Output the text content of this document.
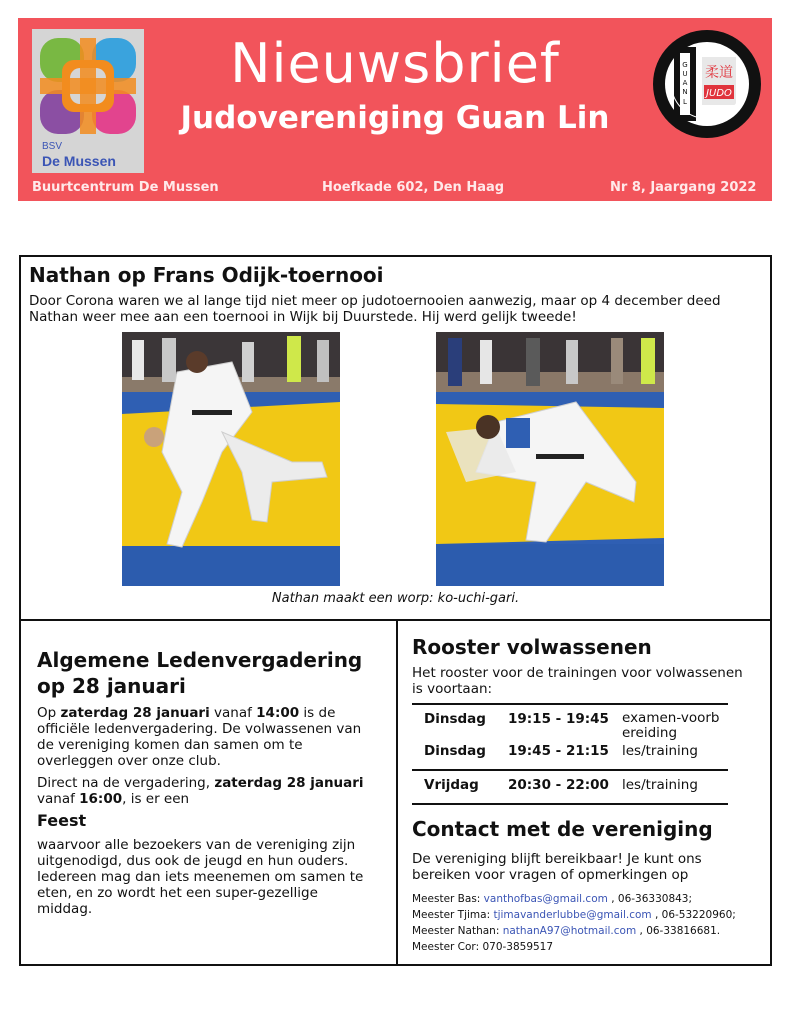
BSV
De Mussen
Nieuwsbrief
Judovereniging Guan Lin
G
U
A
N
L
柔道
JUDO
Buurtcentrum De Mussen	Hoefkade 602, Den Haag	Nr 8, Jaargang 2022
Nathan op Frans Odijk-toernooi

Door Corona waren we al lange tijd niet meer op judotoernooien aanwezig, maar op 4 december deed Nathan weer mee aan een toernooi in Wijk bij Duurstede. Hij werd gelijk tweede!

Nathan maakt een worp: ko-uchi-gari.
Algemene Ledenvergadering op 28 januari

Op zaterdag 28 januari vanaf 14:00 is de officiële ledenvergadering. De volwassenen van de vereniging komen dan samen om te overleggen over onze club.

Direct na de vergadering, zaterdag 28 januari vanaf 16:00, is er een

Feest

waarvoor alle bezoekers van de vereniging zijn uitgenodigd, dus ook de jeugd en hun ouders. Iedereen mag dan iets meenemen om samen te eten, en zo wordt het een super-gezellige middag.

Rooster volwassenen

Het rooster voor de trainingen voor volwassenen is voortaan:

Dinsdag 19:15 - 19:45 examen-voorbereiding
Dinsdag 19:45 - 21:15 les/training
Vrijdag 20:30 - 22:00 les/training
Contact met de vereniging

De vereniging blijft bereikbaar! Je kunt ons bereiken voor vragen of opmerkingen op

Meester Bas: vanthofbas@gmail.com , 06-36330843;
Meester Tjima: tjimavanderlubbe@gmail.com , 06-53220960;
Meester Nathan: nathanA97@hotmail.com , 06-33816681.
Meester Cor: 070-3859517
